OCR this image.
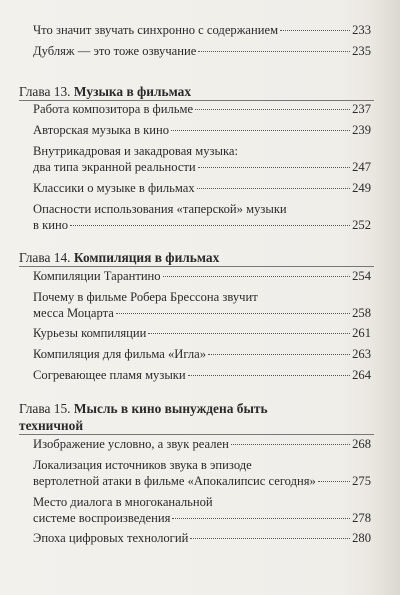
Что значит звучать синхронно с содержанием	233
Дубляж — это тоже озвучание	235
Глава 13. Музыка в фильмах
Работа композитора в фильме	237
Авторская музыка в кино	239
Внутрикадровая и закадровая музыка:
два типа экранной реальности	247
Классики о музыке в фильмах	249
Опасности использования «таперской» музыки
в кино	252
Глава 14. Компиляция в фильмах
Компиляции Тарантино	254
Почему в фильме Робера Брессона звучит
месса Моцарта	258
Курьезы компиляции	261
Компиляция для фильма «Игла»	263
Согревающее пламя музыки	264
Глава 15. Мысль в кино вынуждена быть
техничной
Изображение условно, а звук реален	268
Локализация источников звука в эпизоде
вертолетной атаки в фильме «Апокалипсис сегодня»	275
Место диалога в многоканальной
системе воспроизведения	278
Эпоха цифровых технологий	280
